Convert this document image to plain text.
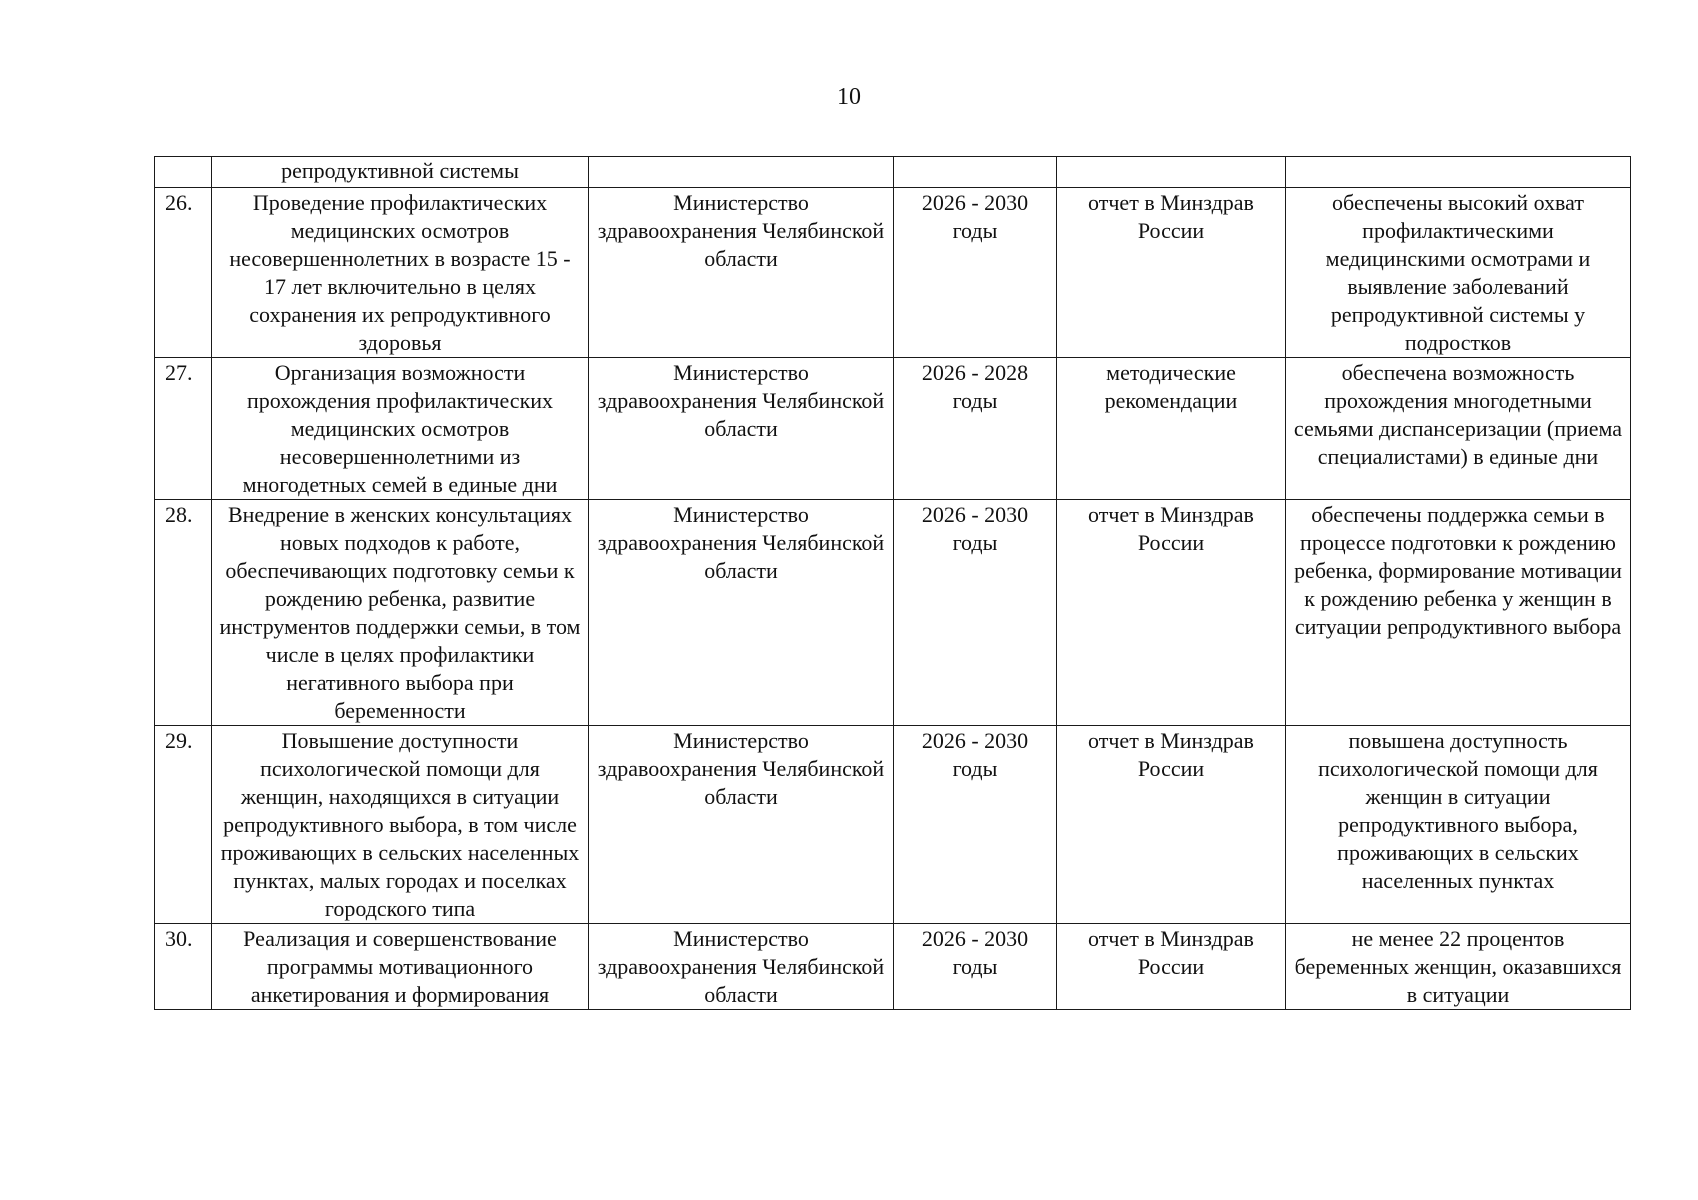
10
	репродуктивной системы				
26.	Проведение профилактических медицинских осмотров несовершеннолетних в возрасте 15 - 17 лет включительно в целях сохранения их репродуктивного здоровья	Министерство здравоохранения Челябинской области	2026 - 2030 годы	отчет в Минздрав России	обеспечены высокий охват профилактическими медицинскими осмотрами и выявление заболеваний репродуктивной системы у подростков
27.	Организация возможности прохождения профилактических медицинских осмотров несовершеннолетними из многодетных семей в единые дни	Министерство здравоохранения Челябинской области	2026 - 2028 годы	методические рекомендации	обеспечена возможность прохождения многодетными семьями диспансеризации (приема специалистами) в единые дни
28.	Внедрение в женских консультациях новых подходов к работе, обеспечивающих подготовку семьи к рождению ребенка, развитие инструментов поддержки семьи, в том числе в целях профилактики негативного выбора при беременности	Министерство здравоохранения Челябинской области	2026 - 2030 годы	отчет в Минздрав России	обеспечены поддержка семьи в процессе подготовки к рождению ребенка, формирование мотивации к рождению ребенка у женщин в ситуации репродуктивного выбора
29.	Повышение доступности психологической помощи для женщин, находящихся в ситуации репродуктивного выбора, в том числе проживающих в сельских населенных пунктах, малых городах и поселках городского типа	Министерство здравоохранения Челябинской области	2026 - 2030 годы	отчет в Минздрав России	повышена доступность психологической помощи для женщин в ситуации репродуктивного выбора, проживающих в сельских населенных пунктах
30.	Реализация и совершенствование программы мотивационного анкетирования и формирования	Министерство здравоохранения Челябинской области	2026 - 2030 годы	отчет в Минздрав России	не менее 22 процентов беременных женщин, оказавшихся в ситуации
